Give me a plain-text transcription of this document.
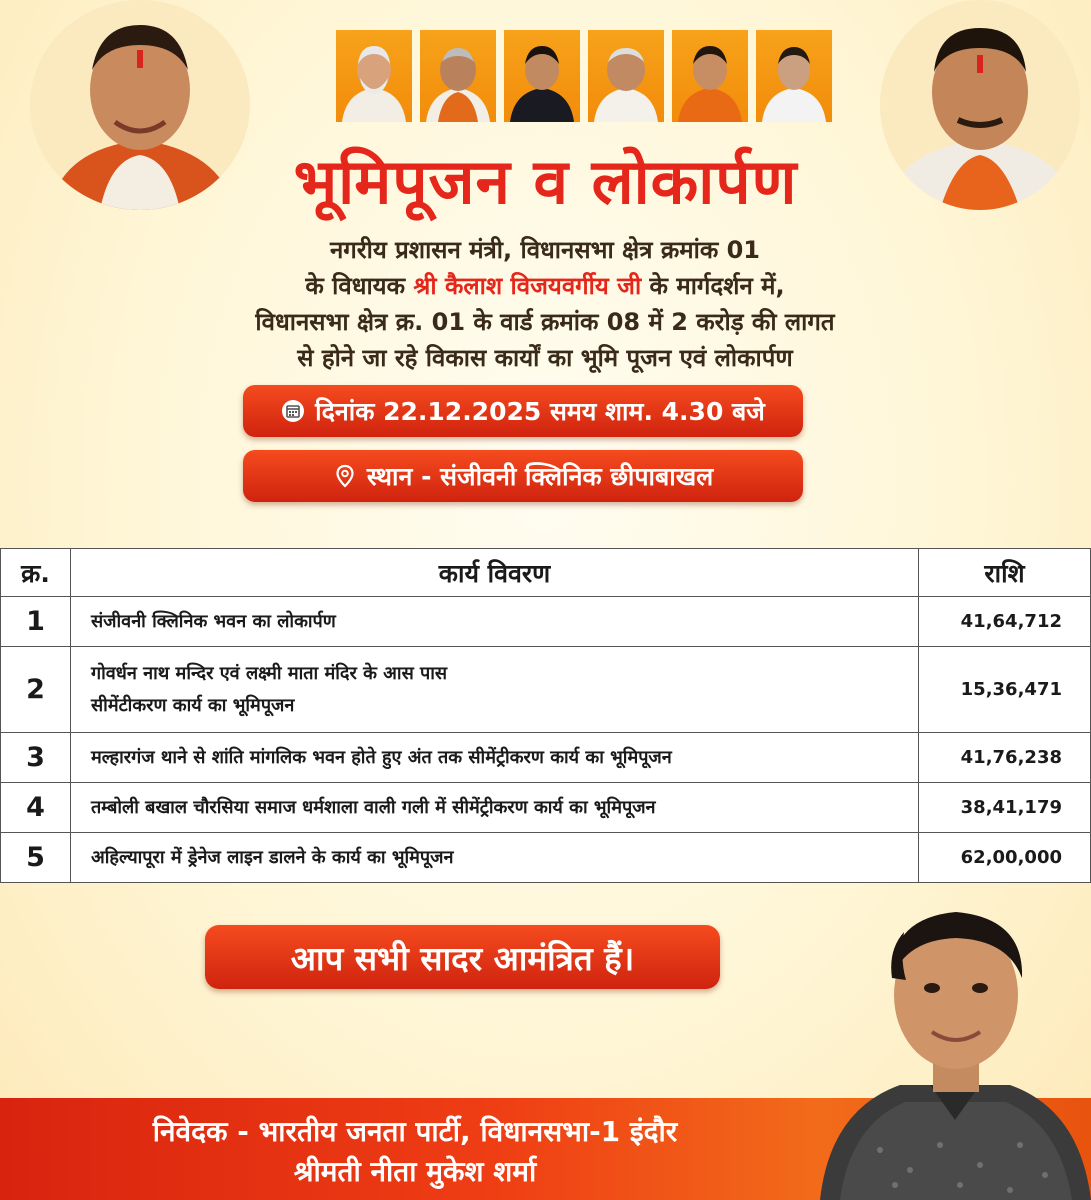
भूमिपूजन व लोकार्पण
नगरीय प्रशासन मंत्री, विधानसभा क्षेत्र क्रमांक 01
के विधायक श्री कैलाश विजयवर्गीय जी के मार्गदर्शन में,
विधानसभा क्षेत्र क्र. 01 के वार्ड क्रमांक 08 में 2 करोड़ की लागत
से होने जा रहे विकास कार्यों का भूमि पूजन एवं लोकार्पण
दिनांक 22.12.2025 समय शाम. 4.30 बजे
स्थान - संजीवनी क्लिनिक छीपाबाखल
क्र.	कार्य विवरण	राशि
1	संजीवनी क्लिनिक भवन का लोकार्पण	41,64,712
2	गोवर्धन नाथ मन्दिर एवं लक्ष्मी माता मंदिर के आस पास
सीमेंटीकरण कार्य का भूमिपूजन	15,36,471
3	मल्हारगंज थाने से शांति मांगलिक भवन होते हुए अंत तक सीमेंट्रीकरण कार्य का भूमिपूजन	41,76,238
4	तम्बोली बखाल चौरसिया समाज धर्मशाला वाली गली में सीमेंट्रीकरण कार्य का भूमिपूजन	38,41,179
5	अहिल्यापूरा में ड्रेनेज लाइन डालने के कार्य का भूमिपूजन	62,00,000
आप सभी सादर आमंत्रित हैं।
निवेदक - भारतीय जनता पार्टी, विधानसभा-1 इंदौर
श्रीमती नीता मुकेश शर्मा
